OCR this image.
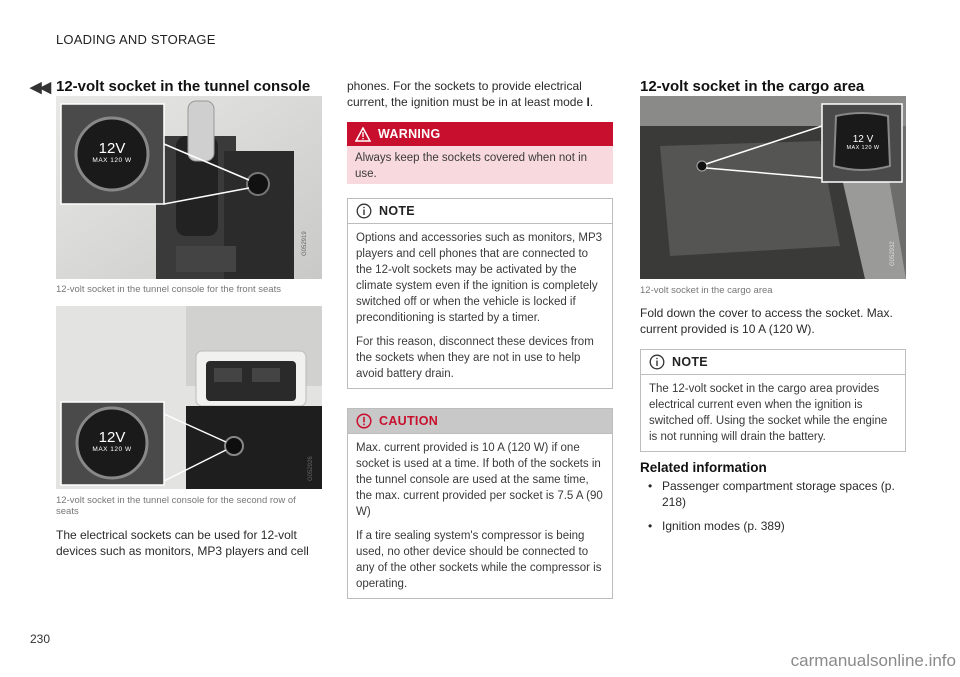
LOADING AND STORAGE
◀◀ 12-volt socket in the tunnel console
G052919
12V
MAX 120 W
12-volt socket in the tunnel console for the front seats
G052926
12V
MAX 120 W
12-volt socket in the tunnel console for the second row of seats
The electrical sockets can be used for 12-volt devices such as monitors, MP3 players and cell
phones. For the sockets to provide electrical current, the ignition must be in at least mode I.
WARNING
Always keep the sockets covered when not in use.
NOTE

Options and accessories such as monitors, MP3 players and cell phones that are connected to the 12-volt sockets may be activated by the climate system even if the ignition is completely switched off or when the vehicle is locked if preconditioning is started by a timer.

For this reason, disconnect these devices from the sockets when they are not in use to help avoid battery drain.

CAUTION

Max. current provided is 10 A (120 W) if one socket is used at a time. If both of the sockets in the tunnel console are used at the same time, the max. current provided per socket is 7.5 A (90 W)

If a tire sealing system's compressor is being used, no other device should be connected to any of the other sockets while the compressor is operating.

12-volt socket in the cargo area
G052932
12 V
MAX 120 W
12-volt socket in the cargo area
Fold down the cover to access the socket. Max. current provided is 10 A (120 W).
NOTE
The 12-volt socket in the cargo area provides electrical current even when the ignition is switched off. Using the socket while the engine is not running will drain the battery.
Related information
• Passenger compartment storage spaces (p. 218)
• Ignition modes (p. 389)
230
carmanualsonline.info
